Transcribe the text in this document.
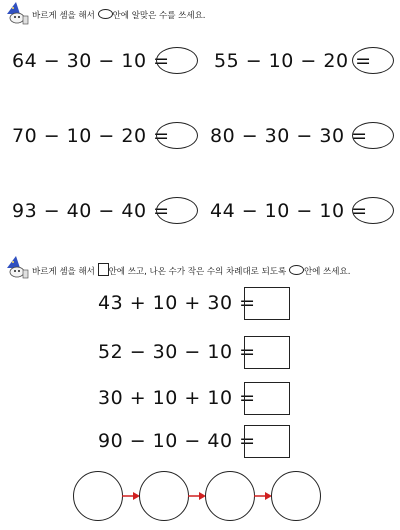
바르게 셈을 해서 안에 알맞은 수를 쓰세요.
64 − 30 − 10 = 55 − 10 − 20 =
70 − 10 − 20 = 80 − 30 − 30 =
93 − 40 − 40 = 44 − 10 − 10 =
바르게 셈을 해서 안에 쓰고, 나온 수가 작은 수의 차례대로 되도록 안에 쓰세요.
43 + 10 + 30 =
52 − 30 − 10 =
30 + 10 + 10 =
90 − 10 − 40 =
